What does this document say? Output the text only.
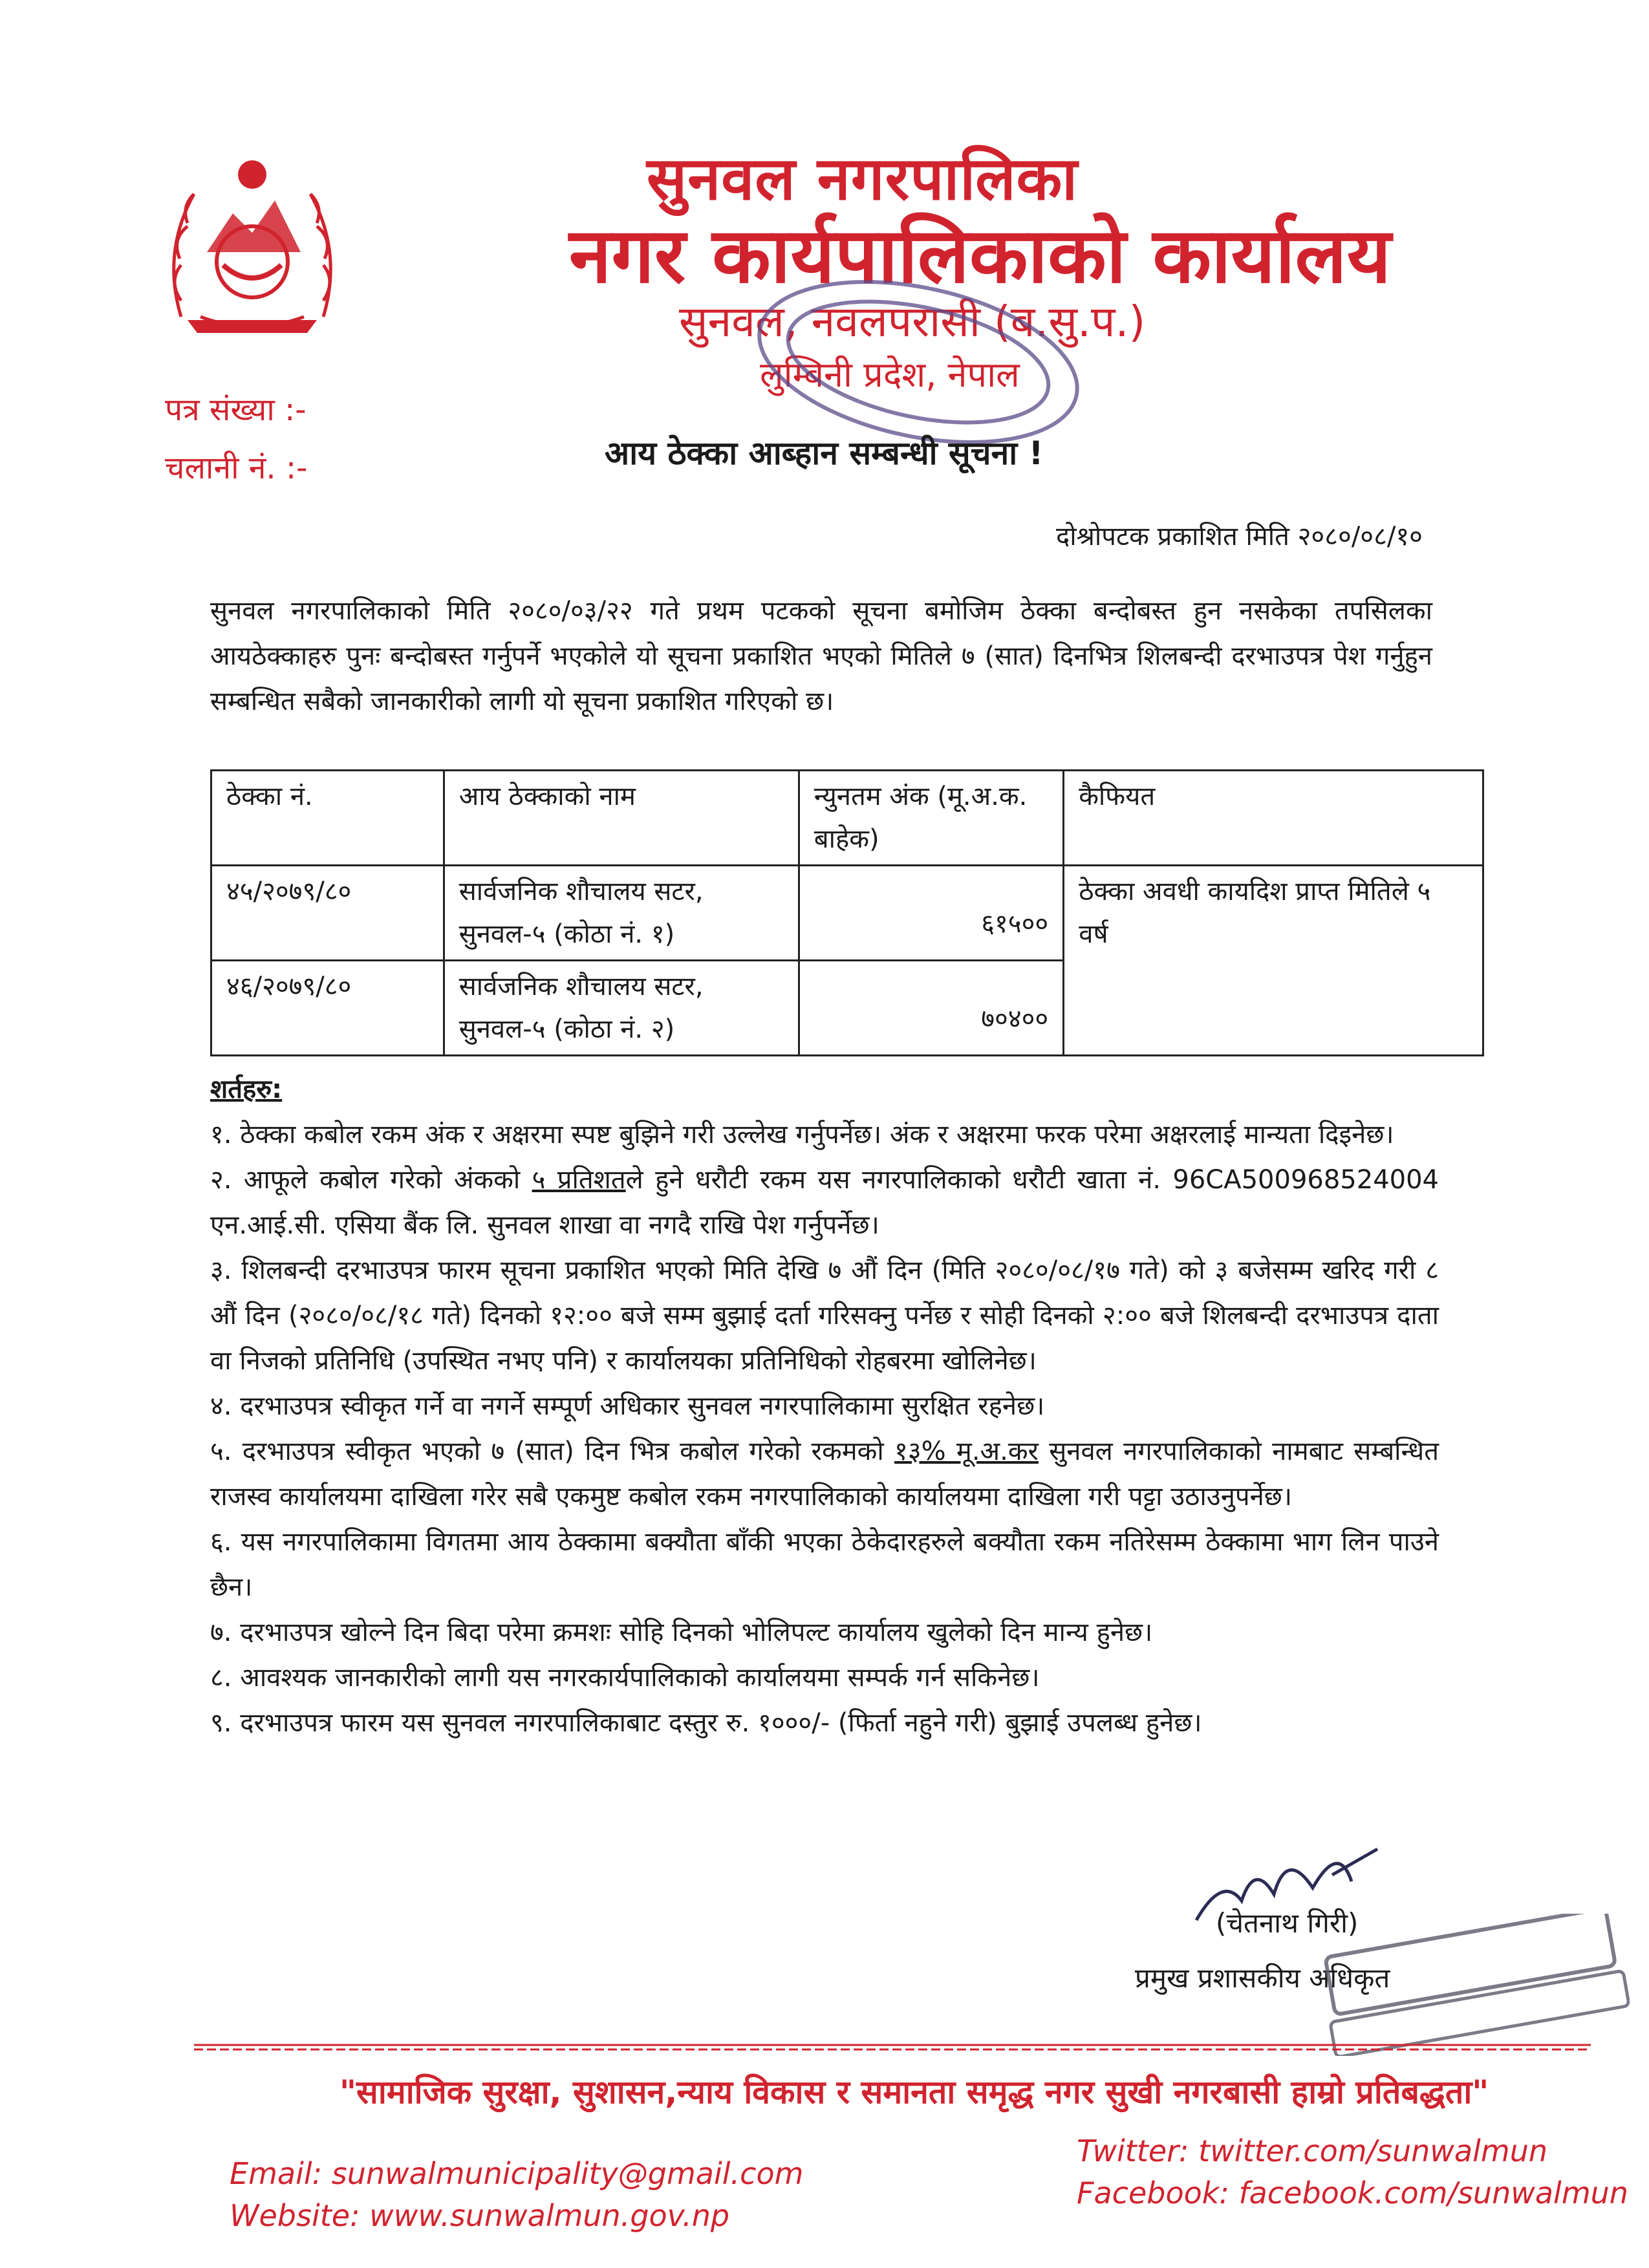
सुनवल नगरपालिका
नगर कार्यपालिकाको कार्यालय
सुनवल, नवलपरासी (ब.सु.प.)
लुम्बिनी प्रदेश, नेपाल
पत्र संख्या :-
चलानी नं. :-	आय ठेक्का आब्हान सम्बन्धी सूचना !
दोश्रोपटक प्रकाशित मिति २०८०/०८/१०
सुनवल नगरपालिकाको मिति २०८०/०३/२२ गते प्रथम पटकको सूचना बमोजिम ठेक्का बन्दोबस्त हुन नसकेका तपसिलका आयठेक्काहरु पुनः बन्दोबस्त गर्नुपर्ने भएकोले यो सूचना प्रकाशित भएको मितिले ७ (सात) दिनभित्र शिलबन्दी दरभाउपत्र पेश गर्नुहुन सम्बन्धित सबैको जानकारीको लागी यो सूचना प्रकाशित गरिएको छ।
ठेक्का नं.	आय ठेक्काको नाम	न्युनतम अंक (मू.अ.क. बाहेक)	कैफियत
४५/२०७९/८०	सार्वजनिक शौचालय सटर, सुनवल-५ (कोठा नं. १)	६१५००	ठेक्का अवधी कायदिश प्राप्त मितिले ५ वर्ष
४६/२०७९/८०	सार्वजनिक शौचालय सटर, सुनवल-५ (कोठा नं. २)	७०४००	
शर्तहरु:

१. ठेक्का कबोल रकम अंक र अक्षरमा स्पष्ट बुझिने गरी उल्लेख गर्नुपर्नेछ। अंक र अक्षरमा फरक परेमा अक्षरलाई मान्यता दिइनेछ।

२. आफूले कबोल गरेको अंकको ५ प्रतिशतले हुने धरौटी रकम यस नगरपालिकाको धरौटी खाता नं. 96CA500968524004 एन.आई.सी. एसिया बैंक लि. सुनवल शाखा वा नगदै राखि पेश गर्नुपर्नेछ।

३. शिलबन्दी दरभाउपत्र फारम सूचना प्रकाशित भएको मिति देखि ७ औं दिन (मिति २०८०/०८/१७ गते) को ३ बजेसम्म खरिद गरी ८ औं दिन (२०८०/०८/१८ गते) दिनको १२:०० बजे सम्म बुझाई दर्ता गरिसक्नु पर्नेछ र सोही दिनको २:०० बजे शिलबन्दी दरभाउपत्र दाता वा निजको प्रतिनिधि (उपस्थित नभए पनि) र कार्यालयका प्रतिनिधिको रोहबरमा खोलिनेछ।

४. दरभाउपत्र स्वीकृत गर्ने वा नगर्ने सम्पूर्ण अधिकार सुनवल नगरपालिकामा सुरक्षित रहनेछ।

५. दरभाउपत्र स्वीकृत भएको ७ (सात) दिन भित्र कबोल गरेको रकमको १३% मू.अ.कर सुनवल नगरपालिकाको नामबाट सम्बन्धित राजस्व कार्यालयमा दाखिला गरेर सबै एकमुष्ट कबोल रकम नगरपालिकाको कार्यालयमा दाखिला गरी पट्टा उठाउनुपर्नेछ।

६. यस नगरपालिकामा विगतमा आय ठेक्कामा बक्यौता बाँकी भएका ठेकेदारहरुले बक्यौता रकम नतिरेसम्म ठेक्कामा भाग लिन पाउने छैन।

७. दरभाउपत्र खोल्ने दिन बिदा परेमा क्रमशः सोहि दिनको भोलिपल्ट कार्यालय खुलेको दिन मान्य हुनेछ।

८. आवश्यक जानकारीको लागी यस नगरकार्यपालिकाको कार्यालयमा सम्पर्क गर्न सकिनेछ।

९. दरभाउपत्र फारम यस सुनवल नगरपालिकाबाट दस्तुर रु. १०००/- (फिर्ता नहुने गरी) बुझाई उपलब्ध हुनेछ।

(चेतनाथ गिरी)
प्रमुख प्रशासकीय अधिकृत
"सामाजिक सुरक्षा, सुशासन,न्याय विकास र समानता समृद्ध नगर सुखी नगरबासी हाम्रो प्रतिबद्धता"
Email: sunwalmunicipality@gmail.com
Website: www.sunwalmun.gov.np
Twitter: twitter.com/sunwalmun
Facebook: facebook.com/sunwalmun
